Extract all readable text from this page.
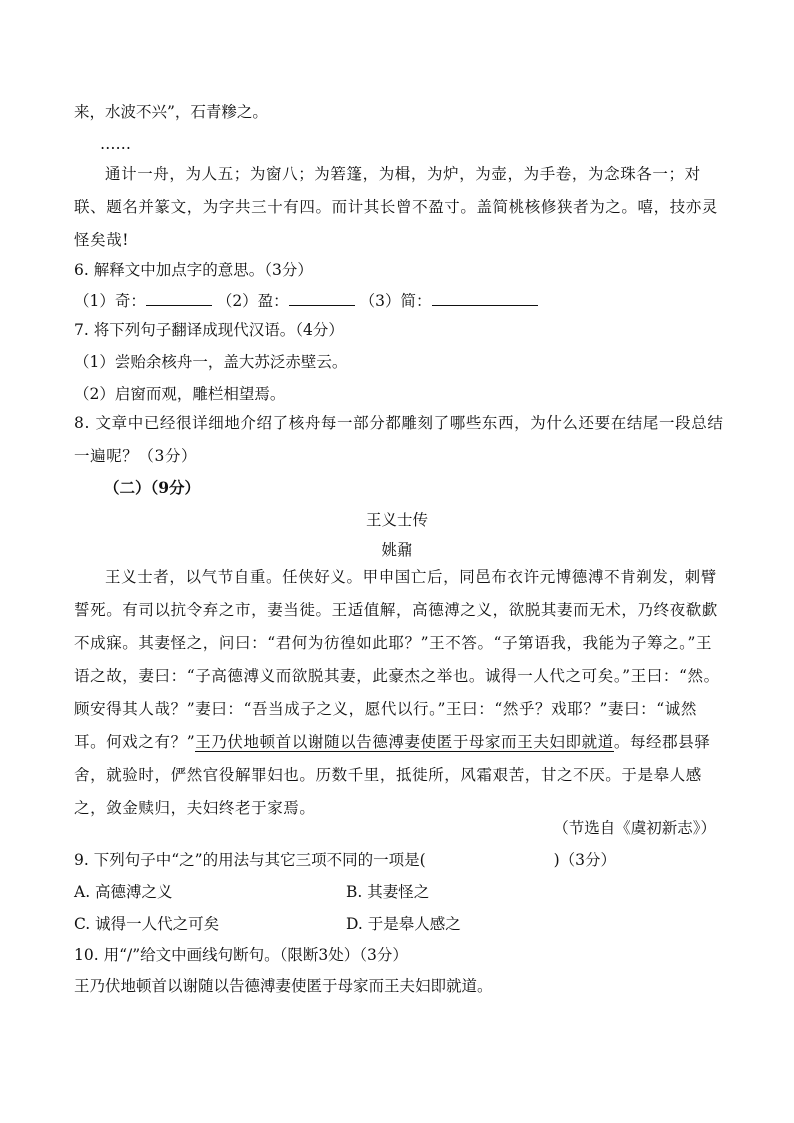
来，水波不兴”，石青糁之。
……
通计一舟，为人五；为窗八；为箬篷，为楫，为炉，为壶，为手卷，为念珠各一；对联、题名并篆文，为字共三十有四。而计其长曾不盈寸。盖简桃核修狭者为之。嘻，技亦灵怪矣哉!
6. 解释文中加点字的意思。（3分）
（1）奇：	（2）盈：	（3）简：
7. 将下列句子翻译成现代汉语。（4分）
（1）尝贻余核舟一，盖大苏泛赤壁云。
（2）启窗而观，雕栏相望焉。
8. 文章中已经很详细地介绍了核舟每一部分都雕刻了哪些东西，为什么还要在结尾一段总结一遍呢？（3分）
（二）（9分）
王义士传
姚鼐
王义士者，以气节自重。任侠好义。甲申国亡后，同邑布衣许元博德溥不肯剃发，刺臂誓死。有司以抗令弃之市，妻当徙。王适值解，高德溥之义，欲脱其妻而无术，乃终夜欷歔不成寐。其妻怪之，问曰：“君何为彷徨如此耶？”王不答。“子第语我，我能为子筹之。”王语之故，妻曰：“子高德溥义而欲脱其妻，此豪杰之举也。诚得一人代之可矣。”王曰：“然。顾安得其人哉？”妻曰：“吾当成子之义，愿代以行。”王曰：“然乎？戏耶？”妻曰：“诚然耳。何戏之有？”王乃伏地顿首以谢随以告德溥妻使匿于母家而王夫妇即就道。每经郡县驿舍，就验时，俨然官役解罪妇也。历数千里，抵徙所，风霜艰苦，甘之不厌。于是皋人感之，敛金赎归，夫妇终老于家焉。
（节选自《虞初新志》）
9. 下列句子中“之”的用法与其它三项不同的一项是(	)（3分）
A. 高德溥之义	B. 其妻怪之
C. 诚得一人代之可矣	D. 于是皋人感之
10. 用“/”给文中画线句断句。（限断3处）（3分）
王乃伏地顿首以谢随以告德溥妻使匿于母家而王夫妇即就道。
